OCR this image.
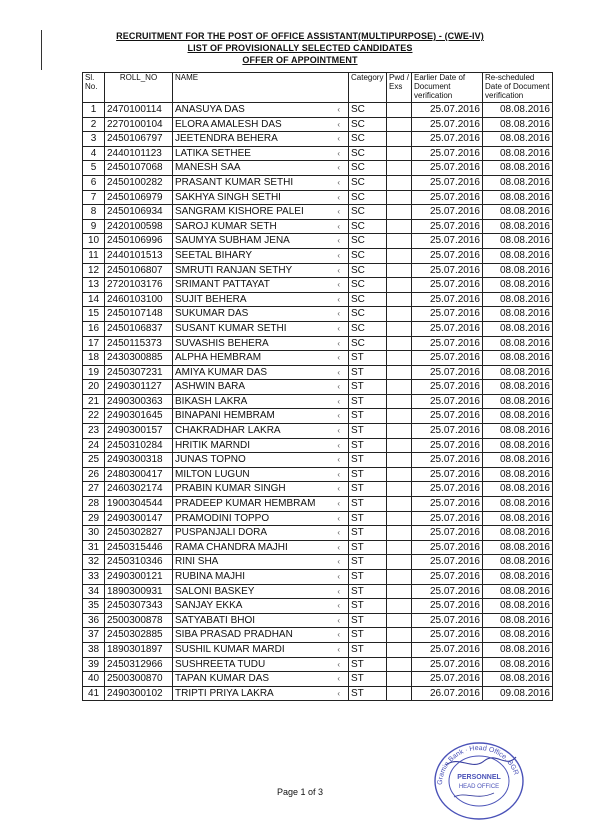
RECRUITMENT FOR THE POST OF OFFICE ASSISTANT(MULTIPURPOSE) - (CWE-IV)
LIST OF PROVISIONALLY SELECTED CANDIDATES
OFFER OF APPOINTMENT
Sl. No.	ROLL_NO	NAME	Category	Pwd / Exs	Earlier Date of Document verification	Re-scheduled Date of Document verification
1	2470100114	ANASUYA DAS ‹	SC		25.07.2016	08.08.2016
2	2270100104	ELORA AMALESH DAS ‹	SC		25.07.2016	08.08.2016
3	2450106797	JEETENDRA BEHERA ‹	SC		25.07.2016	08.08.2016
4	2440101123	LATIKA SETHEE ‹	SC		25.07.2016	08.08.2016
5	2450107068	MANESH SAA ‹	SC		25.07.2016	08.08.2016
6	2450100282	PRASANT KUMAR SETHI ‹	SC		25.07.2016	08.08.2016
7	2450106979	SAKHYA SINGH SETHI ‹	SC		25.07.2016	08.08.2016
8	2450106934	SANGRAM KISHORE PALEI ‹	SC		25.07.2016	08.08.2016
9	2420100598	SAROJ KUMAR SETH ‹	SC		25.07.2016	08.08.2016
10	2450106996	SAUMYA SUBHAM JENA ‹	SC		25.07.2016	08.08.2016
11	2440101513	SEETAL BIHARY ‹	SC		25.07.2016	08.08.2016
12	2450106807	SMRUTI RANJAN SETHY ‹	SC		25.07.2016	08.08.2016
13	2720103176	SRIMANT PATTAYAT ‹	SC		25.07.2016	08.08.2016
14	2460103100	SUJIT BEHERA ‹	SC		25.07.2016	08.08.2016
15	2450107148	SUKUMAR DAS ‹	SC		25.07.2016	08.08.2016
16	2450106837	SUSANT KUMAR SETHI ‹	SC		25.07.2016	08.08.2016
17	2450115373	SUVASHIS BEHERA ‹	SC		25.07.2016	08.08.2016
18	2430300885	ALPHA HEMBRAM ‹	ST		25.07.2016	08.08.2016
19	2450307231	AMIYA KUMAR DAS ‹	ST		25.07.2016	08.08.2016
20	2490301127	ASHWIN BARA ‹	ST		25.07.2016	08.08.2016
21	2490300363	BIKASH LAKRA ‹	ST		25.07.2016	08.08.2016
22	2490301645	BINAPANI HEMBRAM ‹	ST		25.07.2016	08.08.2016
23	2490300157	CHAKRADHAR LAKRA ‹	ST		25.07.2016	08.08.2016
24	2450310284	HRITIK MARNDI ‹	ST		25.07.2016	08.08.2016
25	2490300318	JUNAS TOPNO ‹	ST		25.07.2016	08.08.2016
26	2480300417	MILTON LUGUN ‹	ST		25.07.2016	08.08.2016
27	2460302174	PRABIN KUMAR SINGH ‹	ST		25.07.2016	08.08.2016
28	1900304544	PRADEEP KUMAR HEMBRAM ‹	ST		25.07.2016	08.08.2016
29	2490300147	PRAMODINI TOPPO ‹	ST		25.07.2016	08.08.2016
30	2450302827	PUSPANJALI DORA ‹	ST		25.07.2016	08.08.2016
31	2450315446	RAMA CHANDRA MAJHI ‹	ST		25.07.2016	08.08.2016
32	2450310346	RINI SHA ‹	ST		25.07.2016	08.08.2016
33	2490300121	RUBINA MAJHI ‹	ST		25.07.2016	08.08.2016
34	1890300931	SALONI BASKEY ‹	ST		25.07.2016	08.08.2016
35	2450307343	SANJAY EKKA ‹	ST		25.07.2016	08.08.2016
36	2500300878	SATYABATI BHOI ‹	ST		25.07.2016	08.08.2016
37	2450302885	SIBA PRASAD PRADHAN ‹	ST		25.07.2016	08.08.2016
38	1890301897	SUSHIL KUMAR MARDI ‹	ST		25.07.2016	08.08.2016
39	2450312966	SUSHREETA TUDU ‹	ST		25.07.2016	08.08.2016
40	2500300870	TAPAN KUMAR DAS ‹	ST		25.07.2016	08.08.2016
41	2490300102	TRIPTI PRIYA LAKRA ‹	ST		26.07.2016	09.08.2016
Page 1 of 3
Gramin Bank · Head Office, BGR
PERSONNEL
HEAD OFFICE
